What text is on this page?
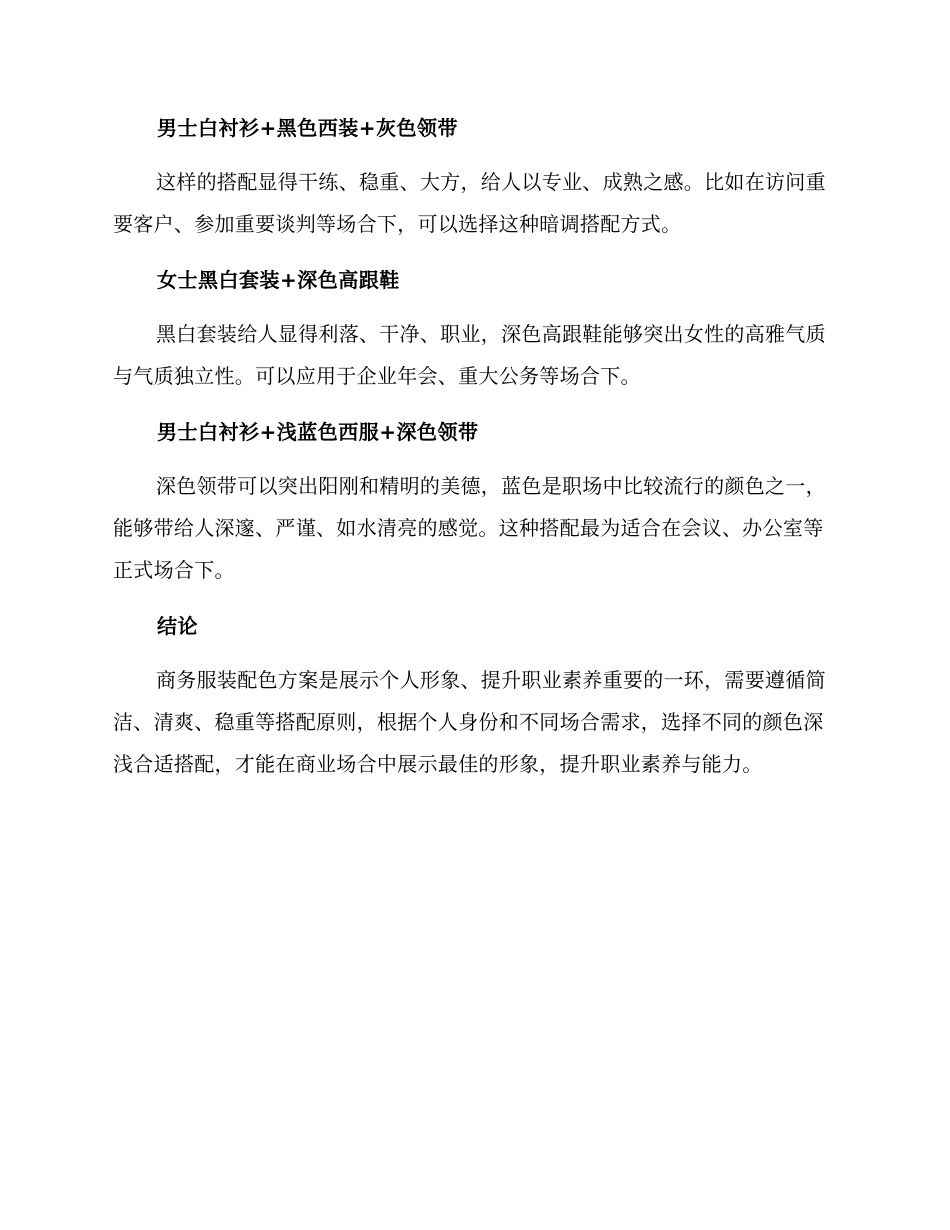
男士白衬衫+黑色西装+灰色领带

这样的搭配显得干练、稳重、大方，给人以专业、成熟之感。比如在访问重要客户、参加重要谈判等场合下，可以选择这种暗调搭配方式。

女士黑白套装+深色高跟鞋

黑白套装给人显得利落、干净、职业，深色高跟鞋能够突出女性的高雅气质与气质独立性。可以应用于企业年会、重大公务等场合下。

男士白衬衫+浅蓝色西服+深色领带

深色领带可以突出阳刚和精明的美德，蓝色是职场中比较流行的颜色之一，能够带给人深邃、严谨、如水清亮的感觉。这种搭配最为适合在会议、办公室等正式场合下。

结论

商务服装配色方案是展示个人形象、提升职业素养重要的一环，需要遵循简洁、清爽、稳重等搭配原则，根据个人身份和不同场合需求，选择不同的颜色深浅合适搭配，才能在商业场合中展示最佳的形象，提升职业素养与能力。
